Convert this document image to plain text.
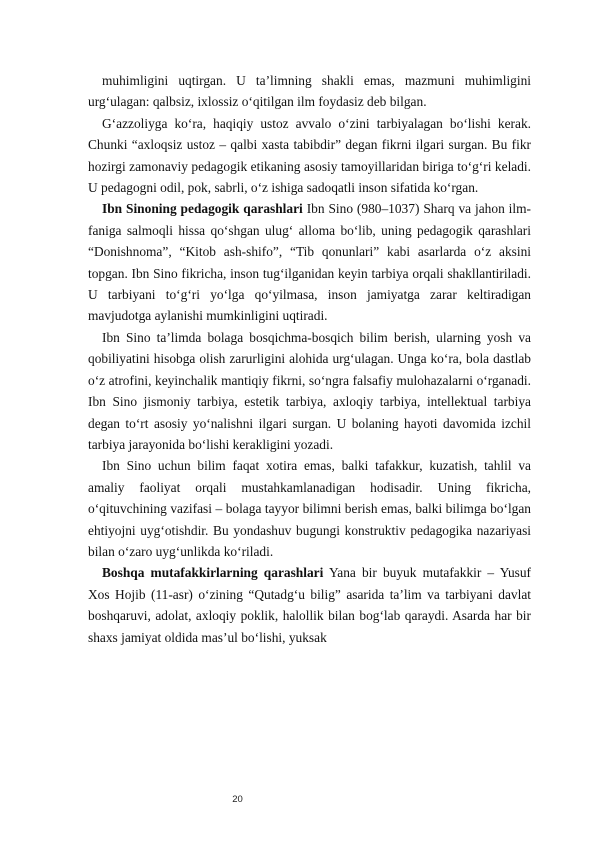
muhimligini uqtirgan. U ta’limning shakli emas, mazmuni muhimligini urg‘ulagan: qalbsiz, ixlossiz o‘qitilgan ilm foydasiz deb bilgan.

G‘azzoliyga ko‘ra, haqiqiy ustoz avvalo o‘zini tarbiyalagan bo‘lishi kerak. Chunki “axloqsiz ustoz – qalbi xasta tabibdir” degan fikrni ilgari surgan. Bu fikr hozirgi zamonaviy pedagogik etikaning asosiy tamoyillaridan biriga to‘g‘ri keladi. U pedagogni odil, pok, sabrli, o‘z ishiga sadoqatli inson sifatida ko‘rgan.

Ibn Sinoning pedagogik qarashlari Ibn Sino (980–1037) Sharq va jahon ilm-faniga salmoqli hissa qo‘shgan ulug‘ alloma bo‘lib, uning pedagogik qarashlari “Donishnoma”, “Kitob ash-shifo”, “Tib qonunlari” kabi asarlarda o‘z aksini topgan. Ibn Sino fikricha, inson tug‘ilganidan keyin tarbiya orqali shakllantiriladi. U tarbiyani to‘g‘ri yo‘lga qo‘yilmasa, inson jamiyatga zarar keltiradigan mavjudotga aylanishi mumkinligini uqtiradi.

Ibn Sino ta’limda bolaga bosqichma-bosqich bilim berish, ularning yosh va qobiliyatini hisobga olish zarurligini alohida urg‘ulagan. Unga ko‘ra, bola dastlab o‘z atrofini, keyinchalik mantiqiy fikrni, so‘ngra falsafiy mulohazalarni o‘rganadi. Ibn Sino jismoniy tarbiya, estetik tarbiya, axloqiy tarbiya, intellektual tarbiya degan to‘rt asosiy yo‘nalishni ilgari surgan. U bolaning hayoti davomida izchil tarbiya jarayonida bo‘lishi kerakligini yozadi.

Ibn Sino uchun bilim faqat xotira emas, balki tafakkur, kuzatish, tahlil va amaliy faoliyat orqali mustahkamlanadigan hodisadir. Uning fikricha, o‘qituvchining vazifasi – bolaga tayyor bilimni berish emas, balki bilimga bo‘lgan ehtiyojni uyg‘otishdir. Bu yondashuv bugungi konstruktiv pedagogika nazariyasi bilan o‘zaro uyg‘unlikda ko‘riladi.

Boshqa mutafakkirlarning qarashlari Yana bir buyuk mutafakkir – Yusuf Xos Hojib (11-asr) o‘zining “Qutadg‘u bilig” asarida ta’lim va tarbiyani davlat boshqaruvi, adolat, axloqiy poklik, halollik bilan bog‘lab qaraydi. Asarda har bir shaxs jamiyat oldida mas’ul bo‘lishi, yuksak

20
